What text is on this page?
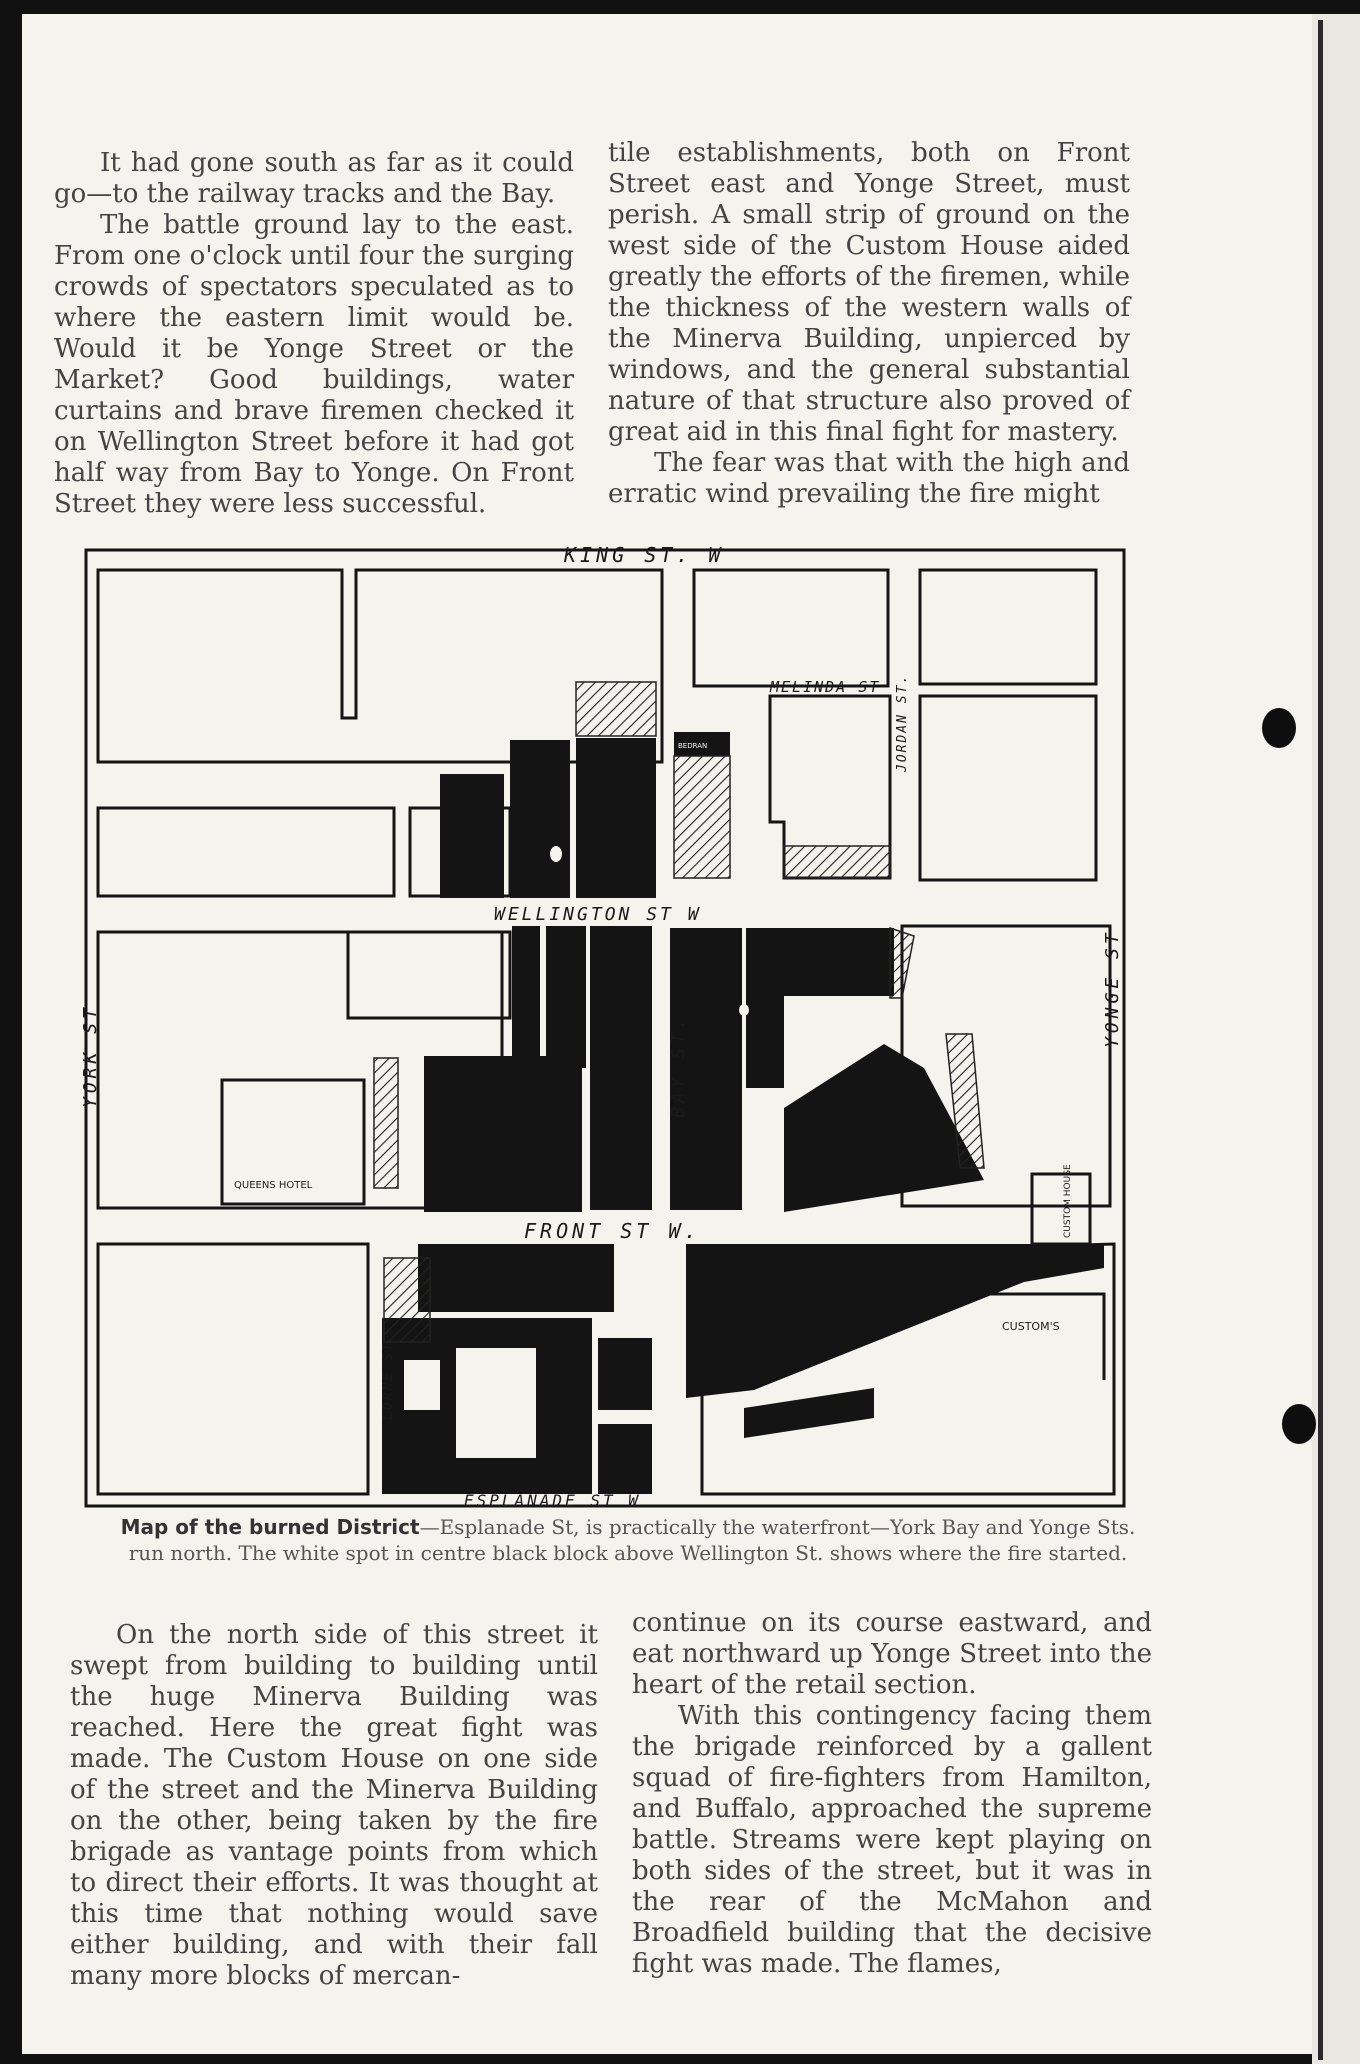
It had gone south as far as it could go—to the railway tracks and the Bay.

The battle ground lay to the east. From one o'clock until four the surging crowds of spectators speculated as to where the eastern limit would be. Would it be Yonge Street or the Market? Good buildings, water curtains and brave firemen checked it on Wellington Street before it had got half way from Bay to Yonge. On Front Street they were less successful.

tile establishments, both on Front Street east and Yonge Street, must perish. A small strip of ground on the west side of the Custom House aided greatly the efforts of the firemen, while the thickness of the western walls of the Minerva Building, unpierced by windows, and the general substantial nature of that structure also proved of great aid in this final fight for mastery.

The fear was that with the high and erratic wind prevailing the fire might

KING ST. W
WELLINGTON ST W
FRONT ST W.
ESPLANADE ST W
MELINDA ST
YORK ST	BAY ST.
YONGE ST
JORDAN ST.
LORNE ST.
QUEENS HOTEL	CUSTOM HOUSE
CUSTOM'S
BEDRAN
Map of the burned District—Esplanade St, is practically the waterfront—York Bay and Yonge Sts. run north. The white spot in centre black block above Wellington St. shows where the fire started.

On the north side of this street it swept from building to building until the huge Minerva Building was reached. Here the great fight was made. The Custom House on one side of the street and the Minerva Building on the other, being taken by the fire brigade as vantage points from which to direct their efforts. It was thought at this time that nothing would save either building, and with their fall many more blocks of mercan-

continue on its course eastward, and eat northward up Yonge Street into the heart of the retail section.

With this contingency facing them the brigade reinforced by a gallent squad of fire-fighters from Hamilton, and Buffalo, approached the supreme battle. Streams were kept playing on both sides of the street, but it was in the rear of the McMahon and Broadfield building that the decisive fight was made. The flames,
